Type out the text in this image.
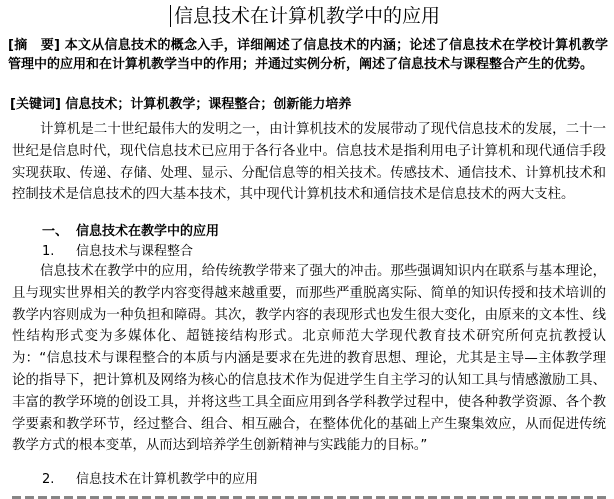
信息技术在计算机教学中的应用

[摘　要] 本文从信息技术的概念入手，详细阐述了信息技术的内涵；论述了信息技术在学校计算机教学管理中的应用和在计算机教学当中的作用；并通过实例分析，阐述了信息技术与课程整合产生的优势。

[关键词] 信息技术；计算机教学；课程整合；创新能力培养

计算机是二十世纪最伟大的发明之一，由计算机技术的发展带动了现代信息技术的发展，二十一世纪是信息时代，现代信息技术已应用于各行各业中。信息技术是指利用电子计算机和现代通信手段实现获取、传递、存储、处理、显示、分配信息等的相关技术。传感技术、通信技术、计算机技术和控制技术是信息技术的四大基本技术，其中现代计算机技术和通信技术是信息技术的两大支柱。

一、 信息技术在教学中的应用
1. 信息技术与课程整合

信息技术在教学中的应用，给传统教学带来了强大的冲击。那些强调知识内在联系与基本理论，且与现实世界相关的教学内容变得越来越重要，而那些严重脱离实际、简单的知识传授和技术培训的教学内容则成为一种负担和障碍。其次，教学内容的表现形式也发生很大变化，由原来的文本性、线性结构形式变为多媒体化、超链接结构形式。北京师范大学现代教育技术研究所何克抗教授认为：“信息技术与课程整合的本质与内涵是要求在先进的教育思想、理论，尤其是主导—主体教学理论的指导下，把计算机及网络为核心的信息技术作为促进学生自主学习的认知工具与情感激励工具、丰富的教学环境的创设工具，并将这些工具全面应用到各学科教学过程中，使各种教学资源、各个教学要素和教学环节，经过整合、组合、相互融合，在整体优化的基础上产生聚集效应，从而促进传统教学方式的根本变革，从而达到培养学生创新精神与实践能力的目标。”

2. 信息技术在计算机教学中的应用
